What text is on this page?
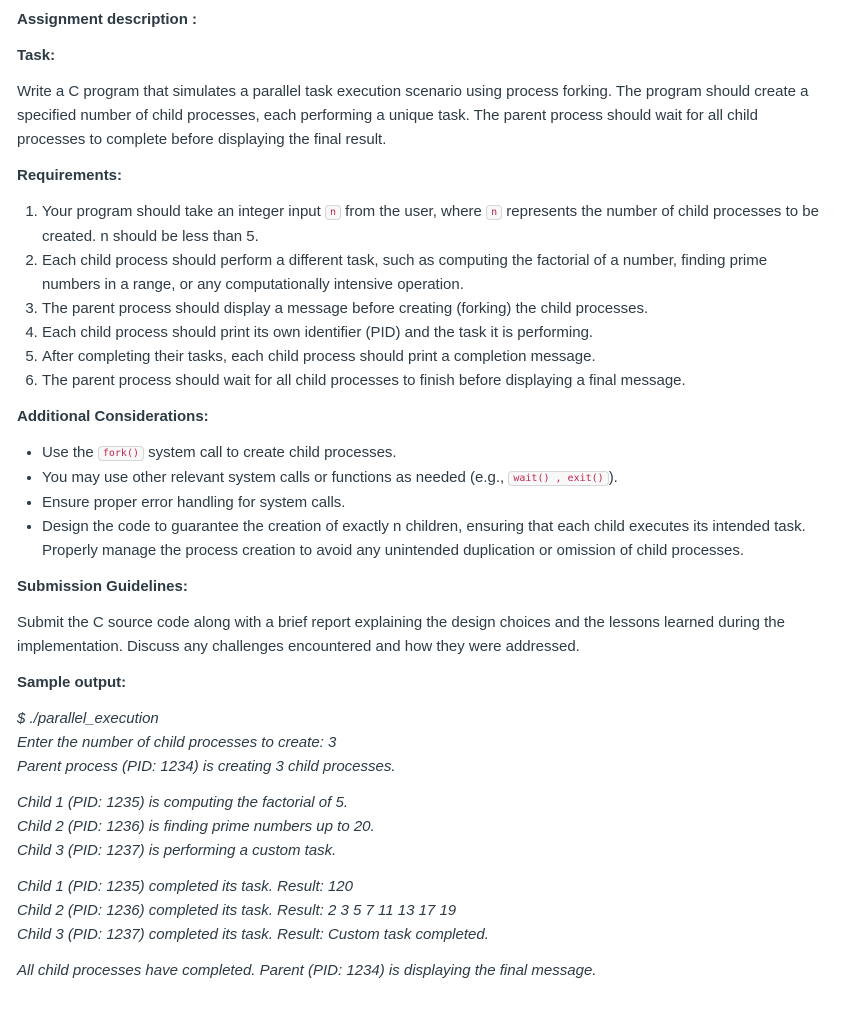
Assignment description :

Task:

Write a C program that simulates a parallel task execution scenario using process forking. The program should create a specified number of child processes, each performing a unique task. The parent process should wait for all child processes to complete before displaying the final result.

Requirements:

1. Your program should take an integer input n from the user, where n represents the number of child processes to be created. n should be less than 5.
2. Each child process should perform a different task, such as computing the factorial of a number, finding prime numbers in a range, or any computationally intensive operation.
3. The parent process should display a message before creating (forking) the child processes.
4. Each child process should print its own identifier (PID) and the task it is performing.
5. After completing their tasks, each child process should print a completion message.
6. The parent process should wait for all child processes to finish before displaying a final message.

Additional Considerations:

• Use the fork() system call to create child processes.
• You may use other relevant system calls or functions as needed (e.g., wait() , exit() ).
• Ensure proper error handling for system calls.
• Design the code to guarantee the creation of exactly n children, ensuring that each child executes its intended task. Properly manage the process creation to avoid any unintended duplication or omission of child processes.

Submission Guidelines:

Submit the C source code along with a brief report explaining the design choices and the lessons learned during the implementation. Discuss any challenges encountered and how they were addressed.

Sample output:

$ ./parallel_execution

Enter the number of child processes to create: 3

Parent process (PID: 1234) is creating 3 child processes.

Child 1 (PID: 1235) is computing the factorial of 5.

Child 2 (PID: 1236) is finding prime numbers up to 20.

Child 3 (PID: 1237) is performing a custom task.

Child 1 (PID: 1235) completed its task. Result: 120

Child 2 (PID: 1236) completed its task. Result: 2 3 5 7 11 13 17 19

Child 3 (PID: 1237) completed its task. Result: Custom task completed.

All child processes have completed. Parent (PID: 1234) is displaying the final message.
